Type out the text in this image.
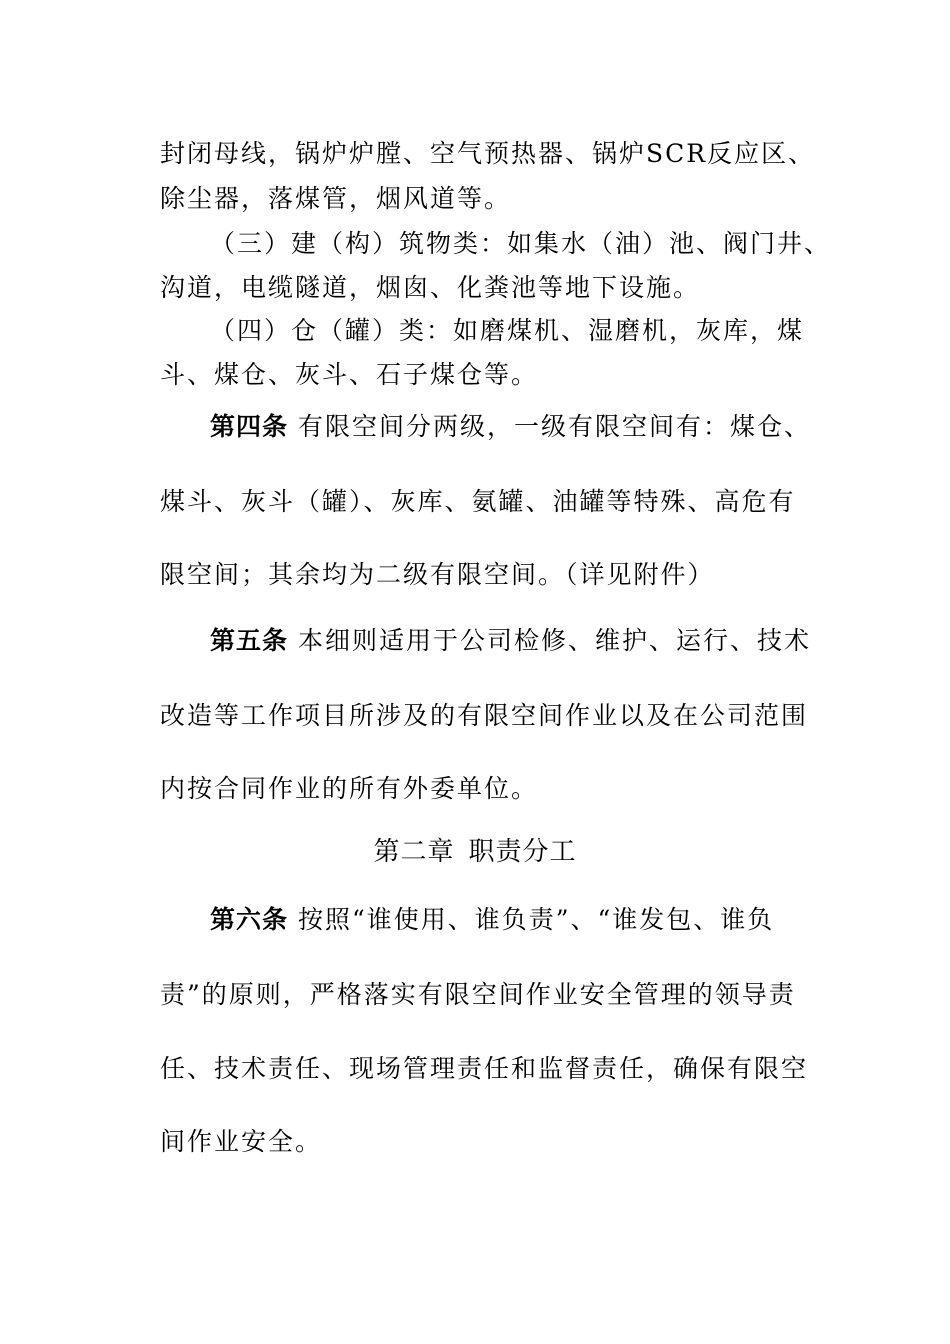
封闭母线，锅炉炉膛、空气预热器、锅炉SCR反应区、
除尘器，落煤管，烟风道等。
（三）建（构）筑物类：如集水（油）池、阀门井、
沟道，电缆隧道，烟囱、化粪池等地下设施。
（四）仓（罐）类：如磨煤机、湿磨机，灰库，煤
斗、煤仓、灰斗、石子煤仓等。
第四条 有限空间分两级，一级有限空间有：煤仓、
煤斗、灰斗（罐）、灰库、氨罐、油罐等特殊、高危有
限空间；其余均为二级有限空间。（详见附件）
第五条 本细则适用于公司检修、维护、运行、技术
改造等工作项目所涉及的有限空间作业以及在公司范围
内按合同作业的所有外委单位。
第二章 职责分工
第六条 按照“谁使用、谁负责”、“谁发包、谁负
责”的原则，严格落实有限空间作业安全管理的领导责
任、技术责任、现场管理责任和监督责任，确保有限空
间作业安全。
